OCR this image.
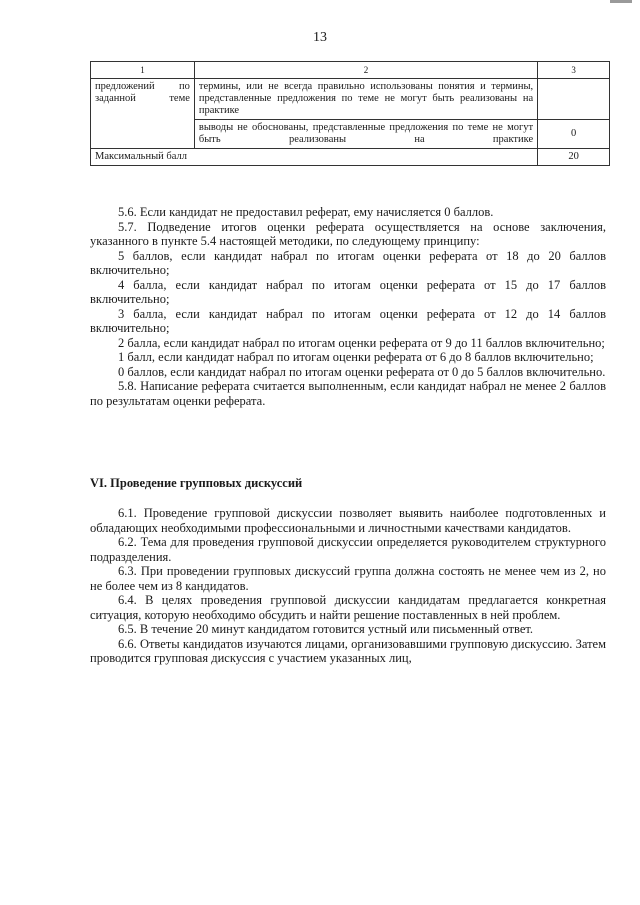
13
1	2	3

предложений по заданной теме	термины, или не всегда правильно использованы понятия и термины, представленные предложения по теме не могут быть реализованы на практике	

	выводы не обоснованы, представленные предложения по теме не могут быть реализованы на практике	0
Максимальный балл		20

5.6. Если кандидат не предоставил реферат, ему начисляется 0 баллов.

5.7. Подведение итогов оценки реферата осуществляется на основе заключения, указанного в пункте 5.4 настоящей методики, по следующему принципу:

5 баллов, если кандидат набрал по итогам оценки реферата от 18 до 20 баллов включительно;

4 балла, если кандидат набрал по итогам оценки реферата от 15 до 17 баллов включительно;

3 балла, если кандидат набрал по итогам оценки реферата от 12 до 14 баллов включительно;

2 балла, если кандидат набрал по итогам оценки реферата от 9 до 11 баллов включительно;

1 балл, если кандидат набрал по итогам оценки реферата от 6 до 8 баллов включительно;

0 баллов, если кандидат набрал по итогам оценки реферата от 0 до 5 баллов включительно.

5.8. Написание реферата считается выполненным, если кандидат набрал не менее 2 баллов по результатам оценки реферата.

VI. Проведение групповых дискуссий

6.1. Проведение групповой дискуссии позволяет выявить наиболее подготовленных и обладающих необходимыми профессиональными и личностными качествами кандидатов.

6.2. Тема для проведения групповой дискуссии определяется руководителем структурного подразделения.

6.3. При проведении групповых дискуссий группа должна состоять не менее чем из 2, но не более чем из 8 кандидатов.

6.4. В целях проведения групповой дискуссии кандидатам предлагается конкретная ситуация, которую необходимо обсудить и найти решение поставленных в ней проблем.

6.5. В течение 20 минут кандидатом готовится устный или письменный ответ.

6.6. Ответы кандидатов изучаются лицами, организовавшими групповую дискуссию. Затем проводится групповая дискуссия с участием указанных лиц,
